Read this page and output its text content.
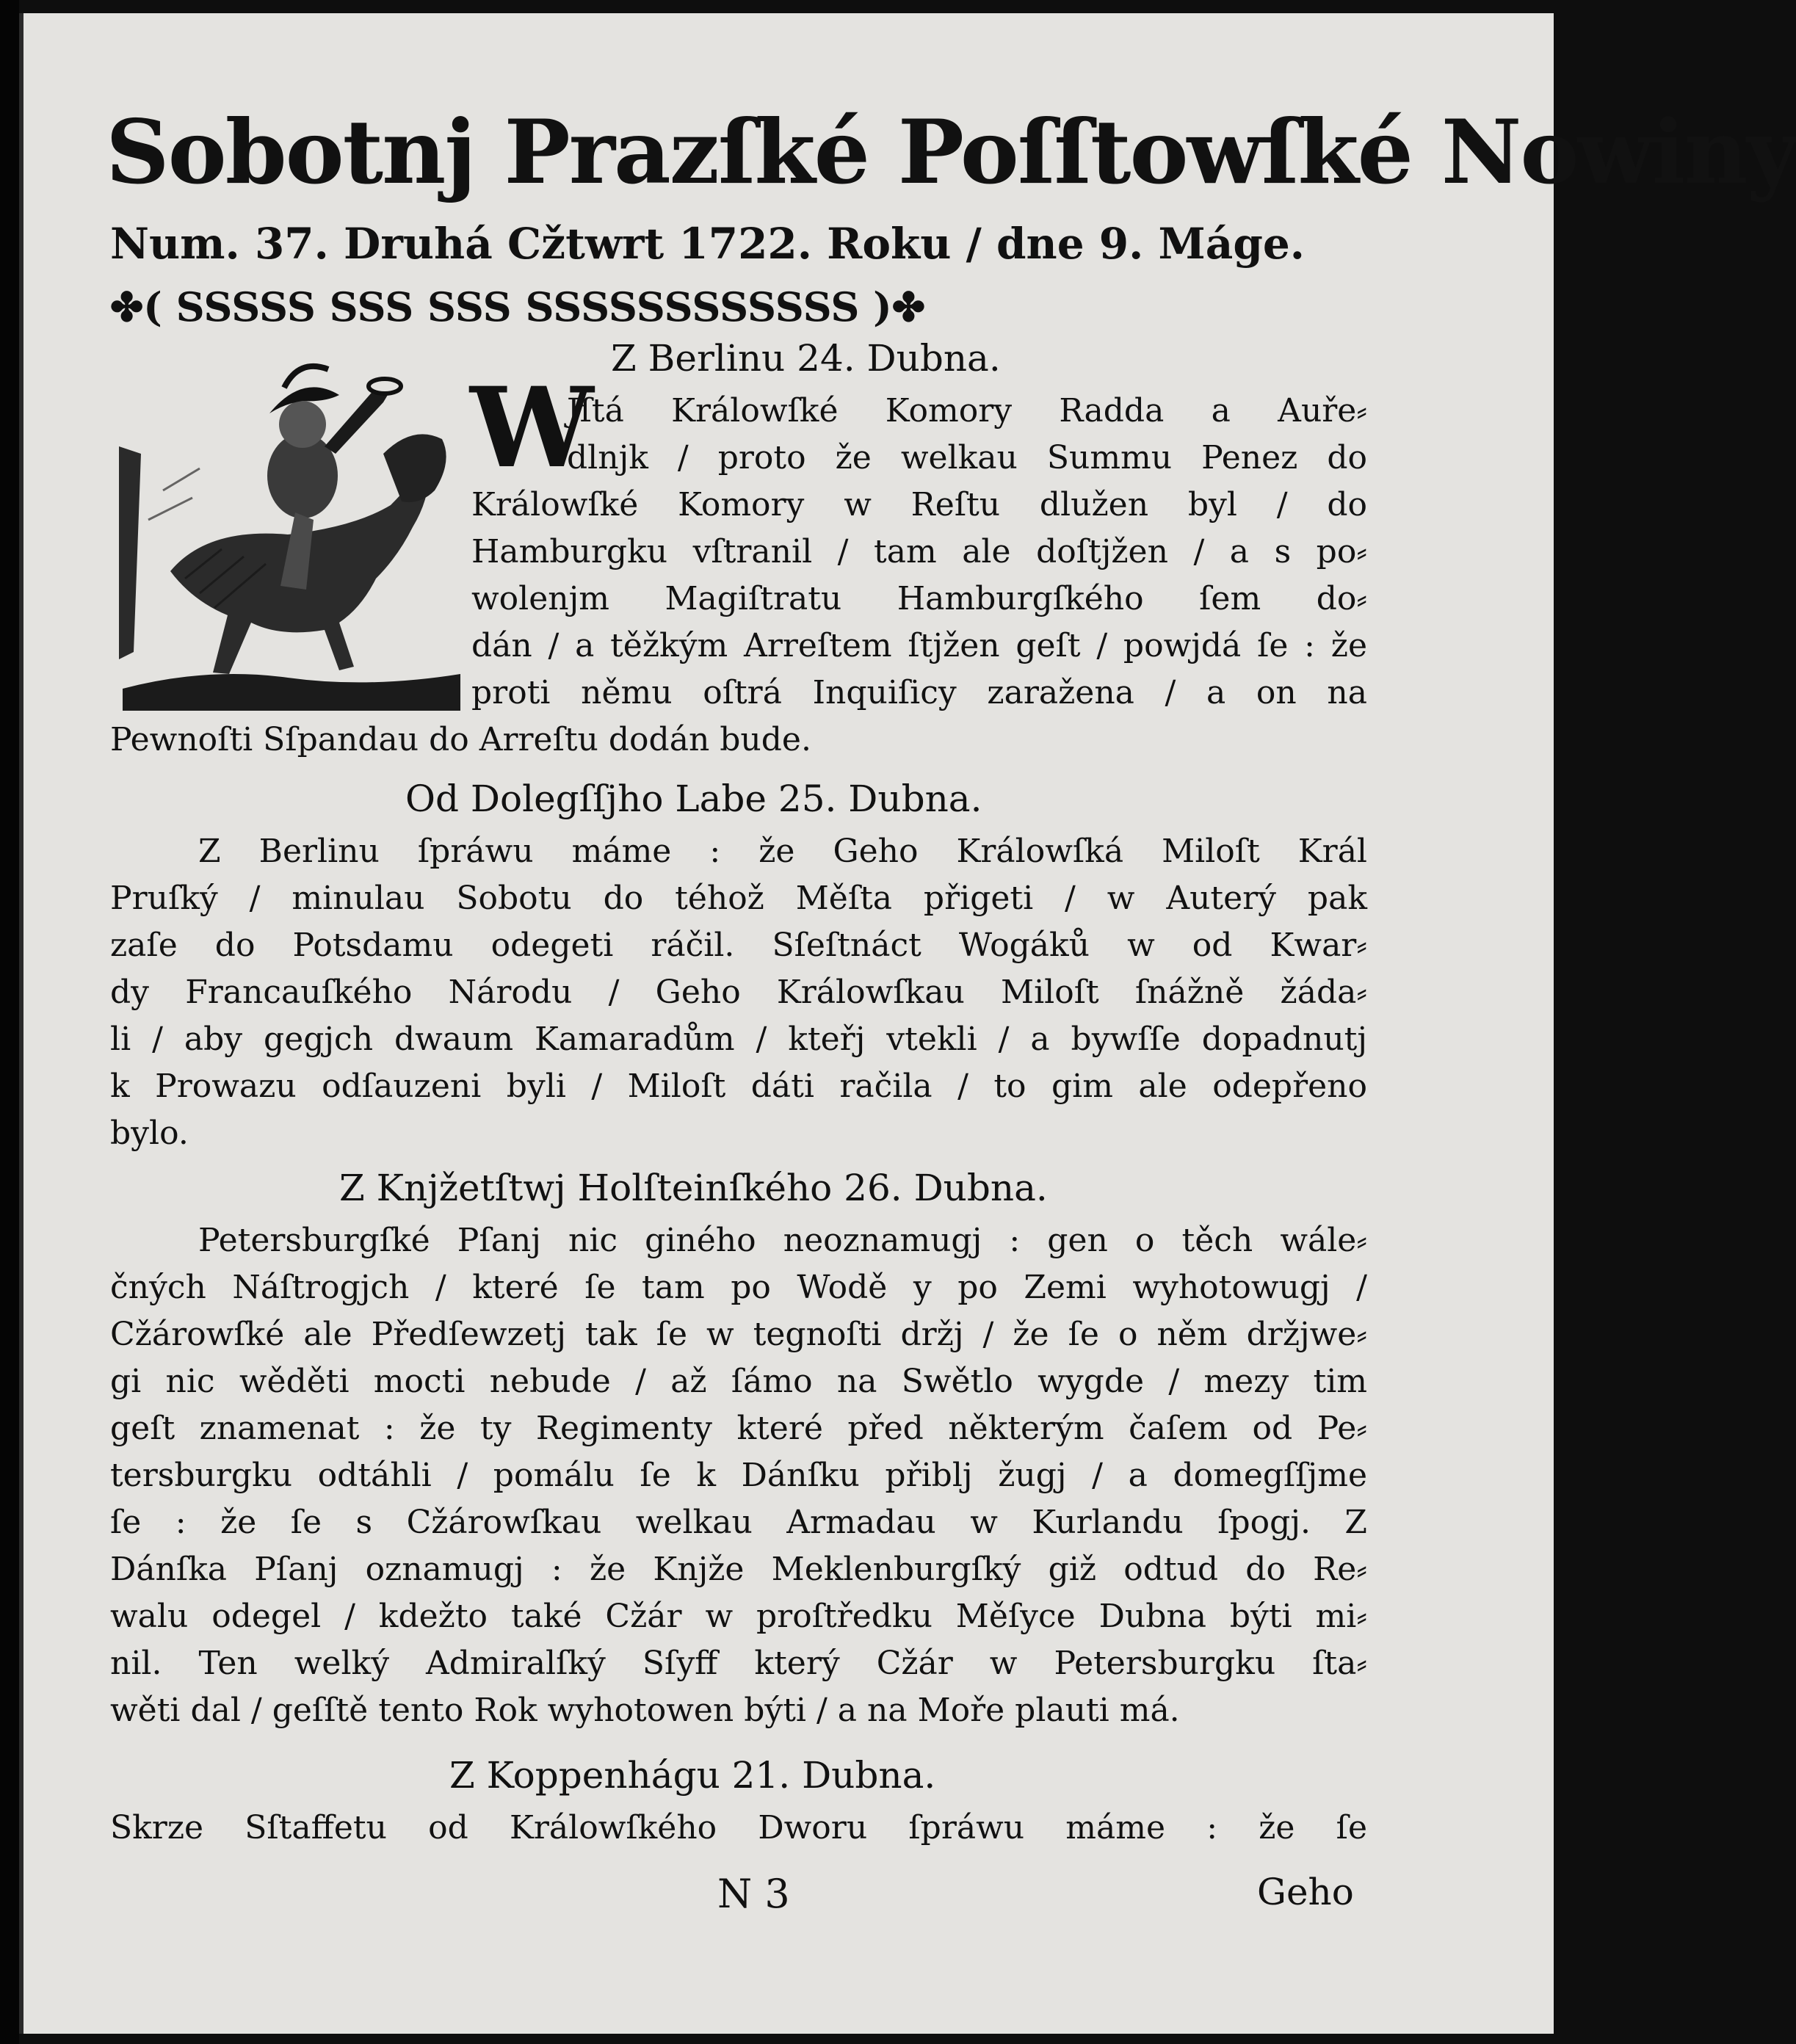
Sobotnj Prazſké Poſſtowſké Nowiny
Num. 37. Druhá Cžtwrt 1722. Roku / dne 9. Máge.
✤( SSSSS SSS SSS SSSSSSSSSSSS )✤
Z Berlinu 24. Dubna.
W
Jſtá Králowſké Komory Radda a Auře⸗
dlnjk / proto že welkau Summu Penez do
Králowſké Komory w Reſtu dlužen byl / do
Hamburgku vſtranil / tam ale doſtjžen / a s po⸗
wolenjm Magiſtratu Hamburgſkého ſem do⸗
dán / a těžkým Arreſtem ſtjžen geſt / powjdá ſe : že
proti němu oſtrá Inquiſicy zaražena / a on na
Pewnoſti Sſpandau do Arreſtu dodán bude.
Od Dolegſſjho Labe 25. Dubna.
Z Berlinu ſpráwu máme : že Geho Králowſká Miloſt Král
Pruſký / minulau Sobotu do téhož Měſta přigeti / w Auterý pak
zaſe do Potsdamu odegeti ráčil. Sſeſtnáct Wogáků w od Kwar⸗
dy Francauſkého Národu / Geho Králowſkau Miloſt ſnážně žáda⸗
li / aby gegjch dwaum Kamaradům / kteřj vtekli / a bywſſe dopadnutj
k Prowazu odſauzeni byli / Miloſt dáti račila / to gim ale odepřeno
bylo.
Z Knjžetſtwj Holſteinſkého 26. Dubna.
Petersburgſké Pſanj nic giného neoznamugj : gen o těch wále⸗
čných Náſtrogjch / které ſe tam po Wodě y po Zemi wyhotowugj /
Cžárowſké ale Předſewzetj tak ſe w tegnoſti držj / že ſe o něm držjwe⸗
gi nic wěděti mocti nebude / až ſámo na Swětlo wygde / mezy tim
geſt znamenat : že ty Regimenty které před některým čaſem od Pe⸗
tersburgku odtáhli / pomálu ſe k Dánſku přiblj žugj / a domegſſjme
ſe : že ſe s Cžárowſkau welkau Armadau w Kurlandu ſpogj. Z
Dánſka Pſanj oznamugj : že Knjže Meklenburgſký giž odtud do Re⸗
walu odegel / kdežto také Cžár w proſtředku Měſyce Dubna býti mi⸗
nil. Ten welký Admiralſký Sſyff který Cžár w Petersburgku ſta⸗
wěti dal / geſſtě tento Rok wyhotowen býti / a na Moře plauti má.
Z Koppenhágu 21. Dubna.
Skrze Sſtaffetu od Králowſkého Dworu ſpráwu máme : že ſe
N 3	Geho
